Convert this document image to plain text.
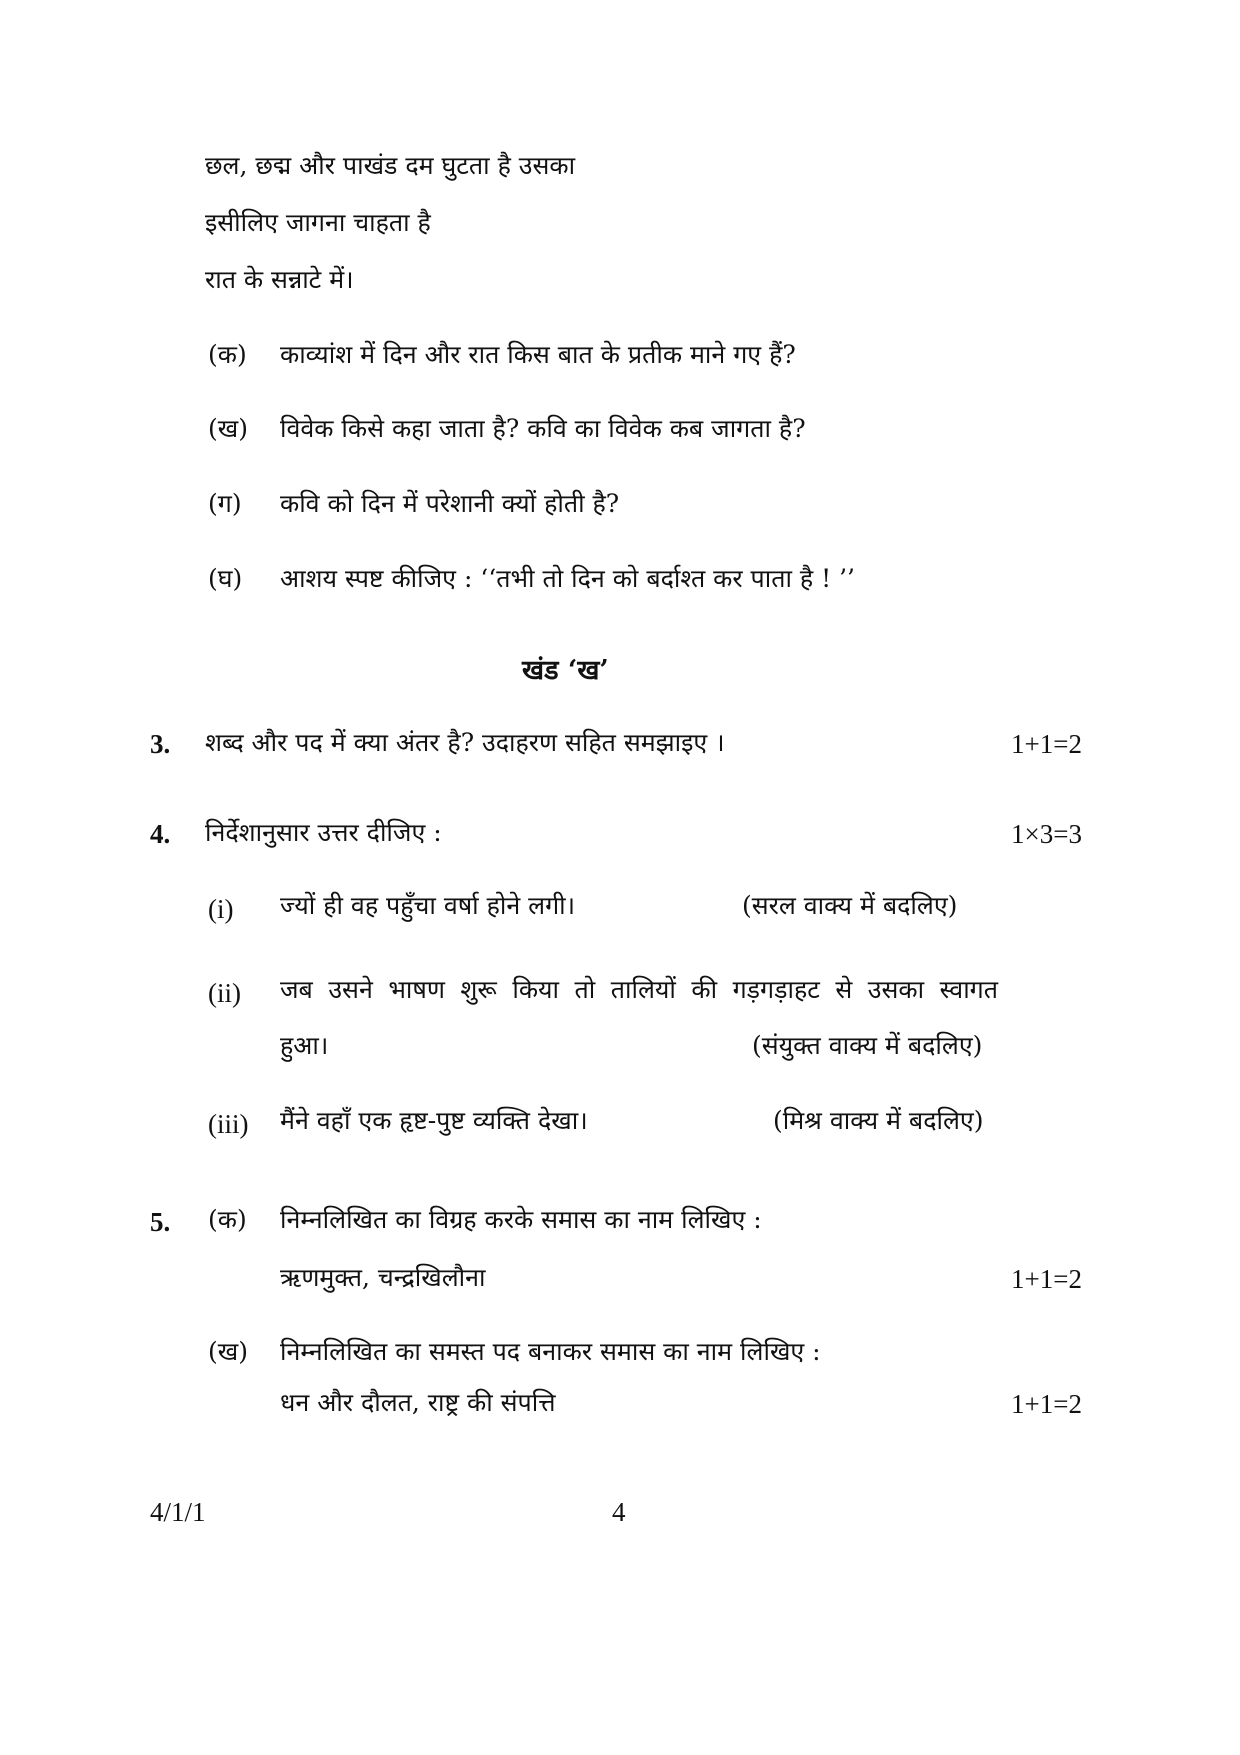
छल, छद्म और पाखंड दम घुटता है उसका
इसीलिए जागना चाहता है
रात के सन्नाटे में।
(क) काव्यांश में दिन और रात किस बात के प्रतीक माने गए हैं?
(ख) विवेक किसे कहा जाता है? कवि का विवेक कब जागता है?
(ग) कवि को दिन में परेशानी क्यों होती है?
(घ) आशय स्पष्ट कीजिए : ‘‘तभी तो दिन को बर्दाश्त कर पाता है ! ’’
खंड ‘ख’
3. शब्द और पद में क्या अंतर है? उदाहरण सहित समझाइए ।	1+1=2
4. निर्देशानुसार उत्तर दीजिए :	1×3=3
(i) ज्यों ही वह पहुँचा वर्षा होने लगी।	(सरल वाक्य में बदलिए)
(ii) जब उसने भाषण शुरू किया तो तालियों की गड़गड़ाहट से उसका स्वागत
हुआ।	(संयुक्त वाक्य में बदलिए)
(iii) मैंने वहाँ एक हृष्ट-पुष्ट व्यक्ति देखा।	(मिश्र वाक्य में बदलिए)
5. (क) निम्नलिखित का विग्रह करके समास का नाम लिखिए :
ऋणमुक्त, चन्द्रखिलौना	1+1=2
(ख) निम्नलिखित का समस्त पद बनाकर समास का नाम लिखिए :
धन और दौलत, राष्ट्र की संपत्ति	1+1=2
4/1/1	4
